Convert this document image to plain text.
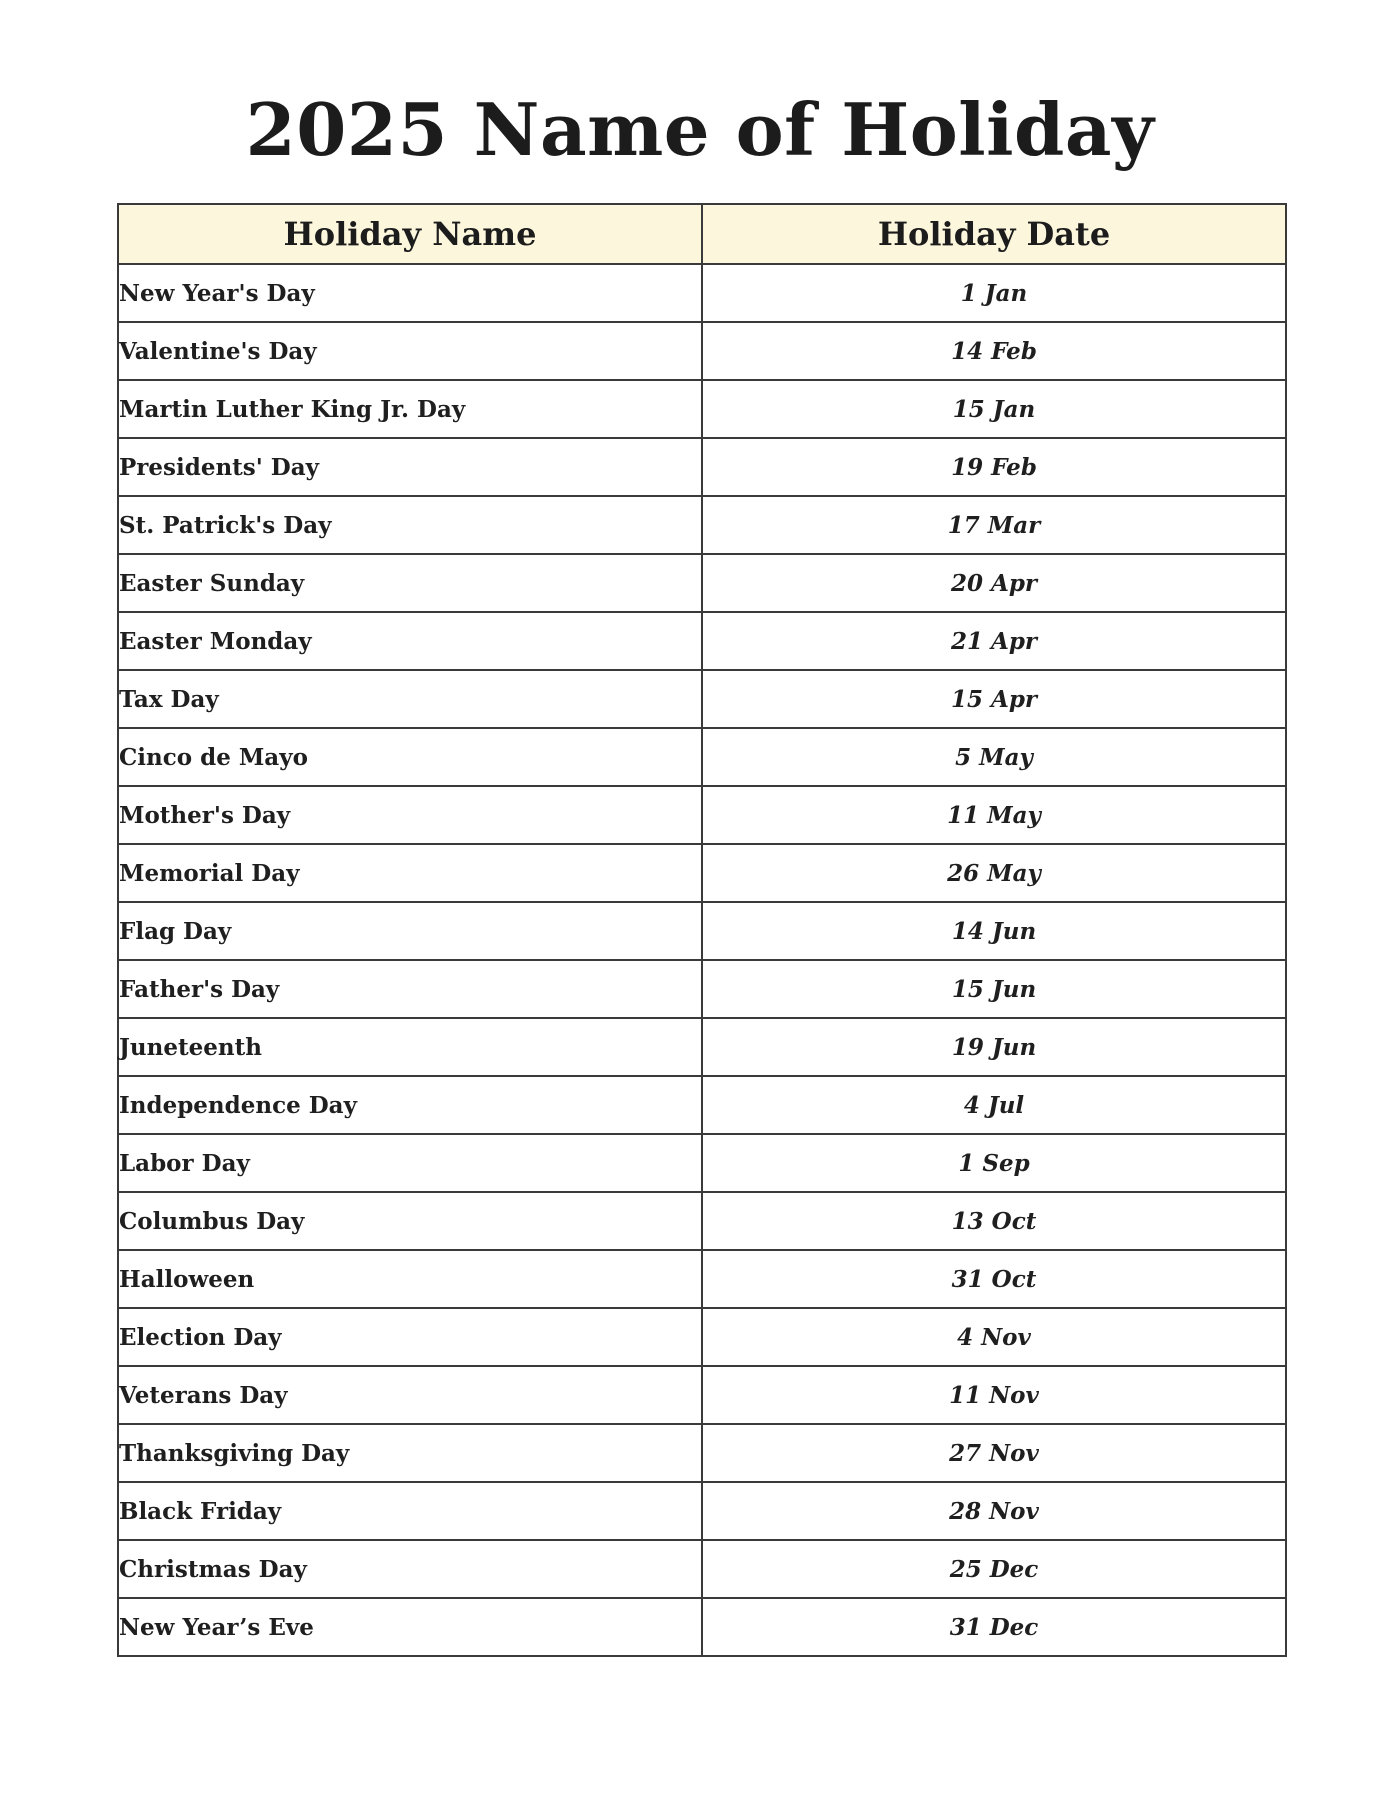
2025 Name of Holiday
Holiday Name	Holiday Date
New Year's Day	1 Jan
Valentine's Day	14 Feb
Martin Luther King Jr. Day	15 Jan
Presidents' Day	19 Feb
St. Patrick's Day	17 Mar
Easter Sunday	20 Apr
Easter Monday	21 Apr
Tax Day	15 Apr
Cinco de Mayo	5 May
Mother's Day	11 May
Memorial Day	26 May
Flag Day	14 Jun
Father's Day	15 Jun
Juneteenth	19 Jun
Independence Day	4 Jul
Labor Day	1 Sep
Columbus Day	13 Oct
Halloween	31 Oct
Election Day	4 Nov
Veterans Day	11 Nov
Thanksgiving Day	27 Nov
Black Friday	28 Nov
Christmas Day	25 Dec
New Year’s Eve	31 Dec
